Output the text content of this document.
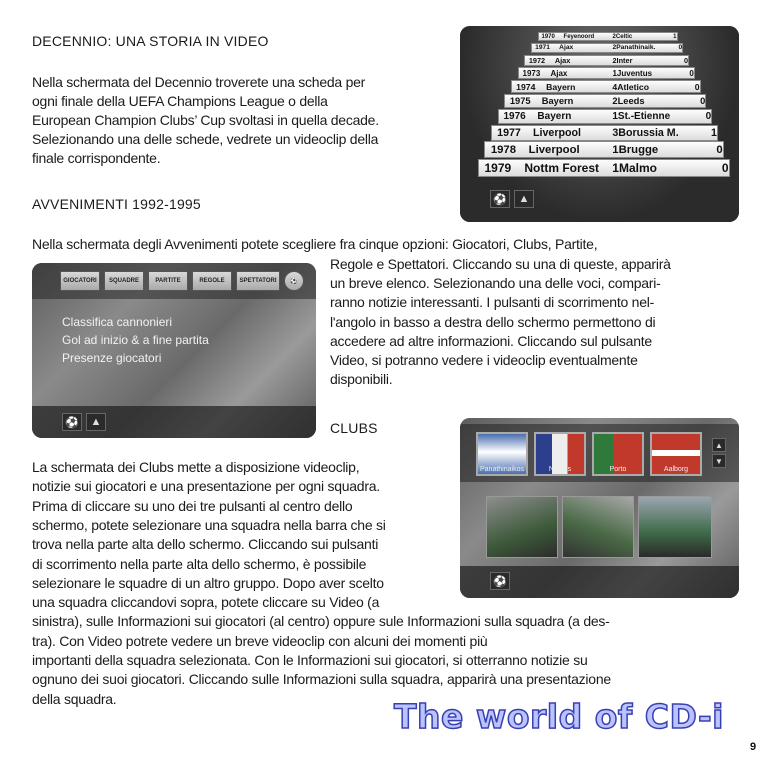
DECENNIO: UNA STORIA IN VIDEO
Nella schermata del Decennio troverete una scheda per
ogni finale della UEFA Champions League o della
European Champion Clubs’ Cup svoltasi in quella decade.
Selezionando una delle schede, vedrete un videoclip della
finale corrispondente.
AVVENIMENTI 1992-1995
Nella schermata degli Avvenimenti potete scegliere fra cinque opzioni: Giocatori, Clubs, Partite,
Regole e Spettatori. Cliccando su una di queste, apparirà
un breve elenco. Selezionando una delle voci, compari-
ranno notizie interessanti. I pulsanti di scorrimento nel-
l'angolo in basso a destra dello schermo permettono di
accedere ad altre informazioni. Cliccando sul pulsante
Video, si potranno vedere i videoclip eventualmente
disponibili.
CLUBS
La schermata dei Clubs mette a disposizione videoclip,
notizie sui giocatori e una presentazione per ogni squadra.
Prima di cliccare su uno dei tre pulsanti al centro dello
schermo, potete selezionare una squadra nella barra che si
trova nella parte alta dello schermo. Cliccando sui pulsanti
di scorrimento nella parte alta dello schermo, è possibile
selezionare le squadre di un altro gruppo. Dopo aver scelto
una squadra cliccandovi sopra, potete cliccare su Video (a
sinistra), sulle Informazioni sui giocatori (al centro) oppure sule Informazioni sulla squadra (a des-
tra). Con Video potrete vedere un breve videoclip con alcuni dei momenti più
importanti della squadra selezionata. Con le Informazioni sui giocatori, si otterranno notizie su
ognuno dei suoi giocatori. Cliccando sulle Informazioni sulla squadra, apparirà una presentazione
della squadra.
1970	Feyenoord	2 Celtic	1
1971	Ajax	2 Panathinaik.	0
1972	Ajax	2 Inter	0
1973	Ajax	1 Juventus	0
1974	Bayern	4 Atletico	0
1975	Bayern	2 Leeds	0
1976	Bayern	1 St.-Etienne	0
1977	Liverpool	3 Borussia M.	1
1978	Liverpool	1 Brugge	0
1979	Nottm Forest	1 Malmo	0
⚽	▲
GIOCATORI	SQUADRE	PARTITE	REGOLE	SPETTATORI	⚽
Classifica cannonieri
Gol ad inizio & a fine partita
Presenze giocatori
⚽	▲
Panathinaikos	Nantes	Porto	Aalborg
▲
▼
⚽
The world of CD-i
9
